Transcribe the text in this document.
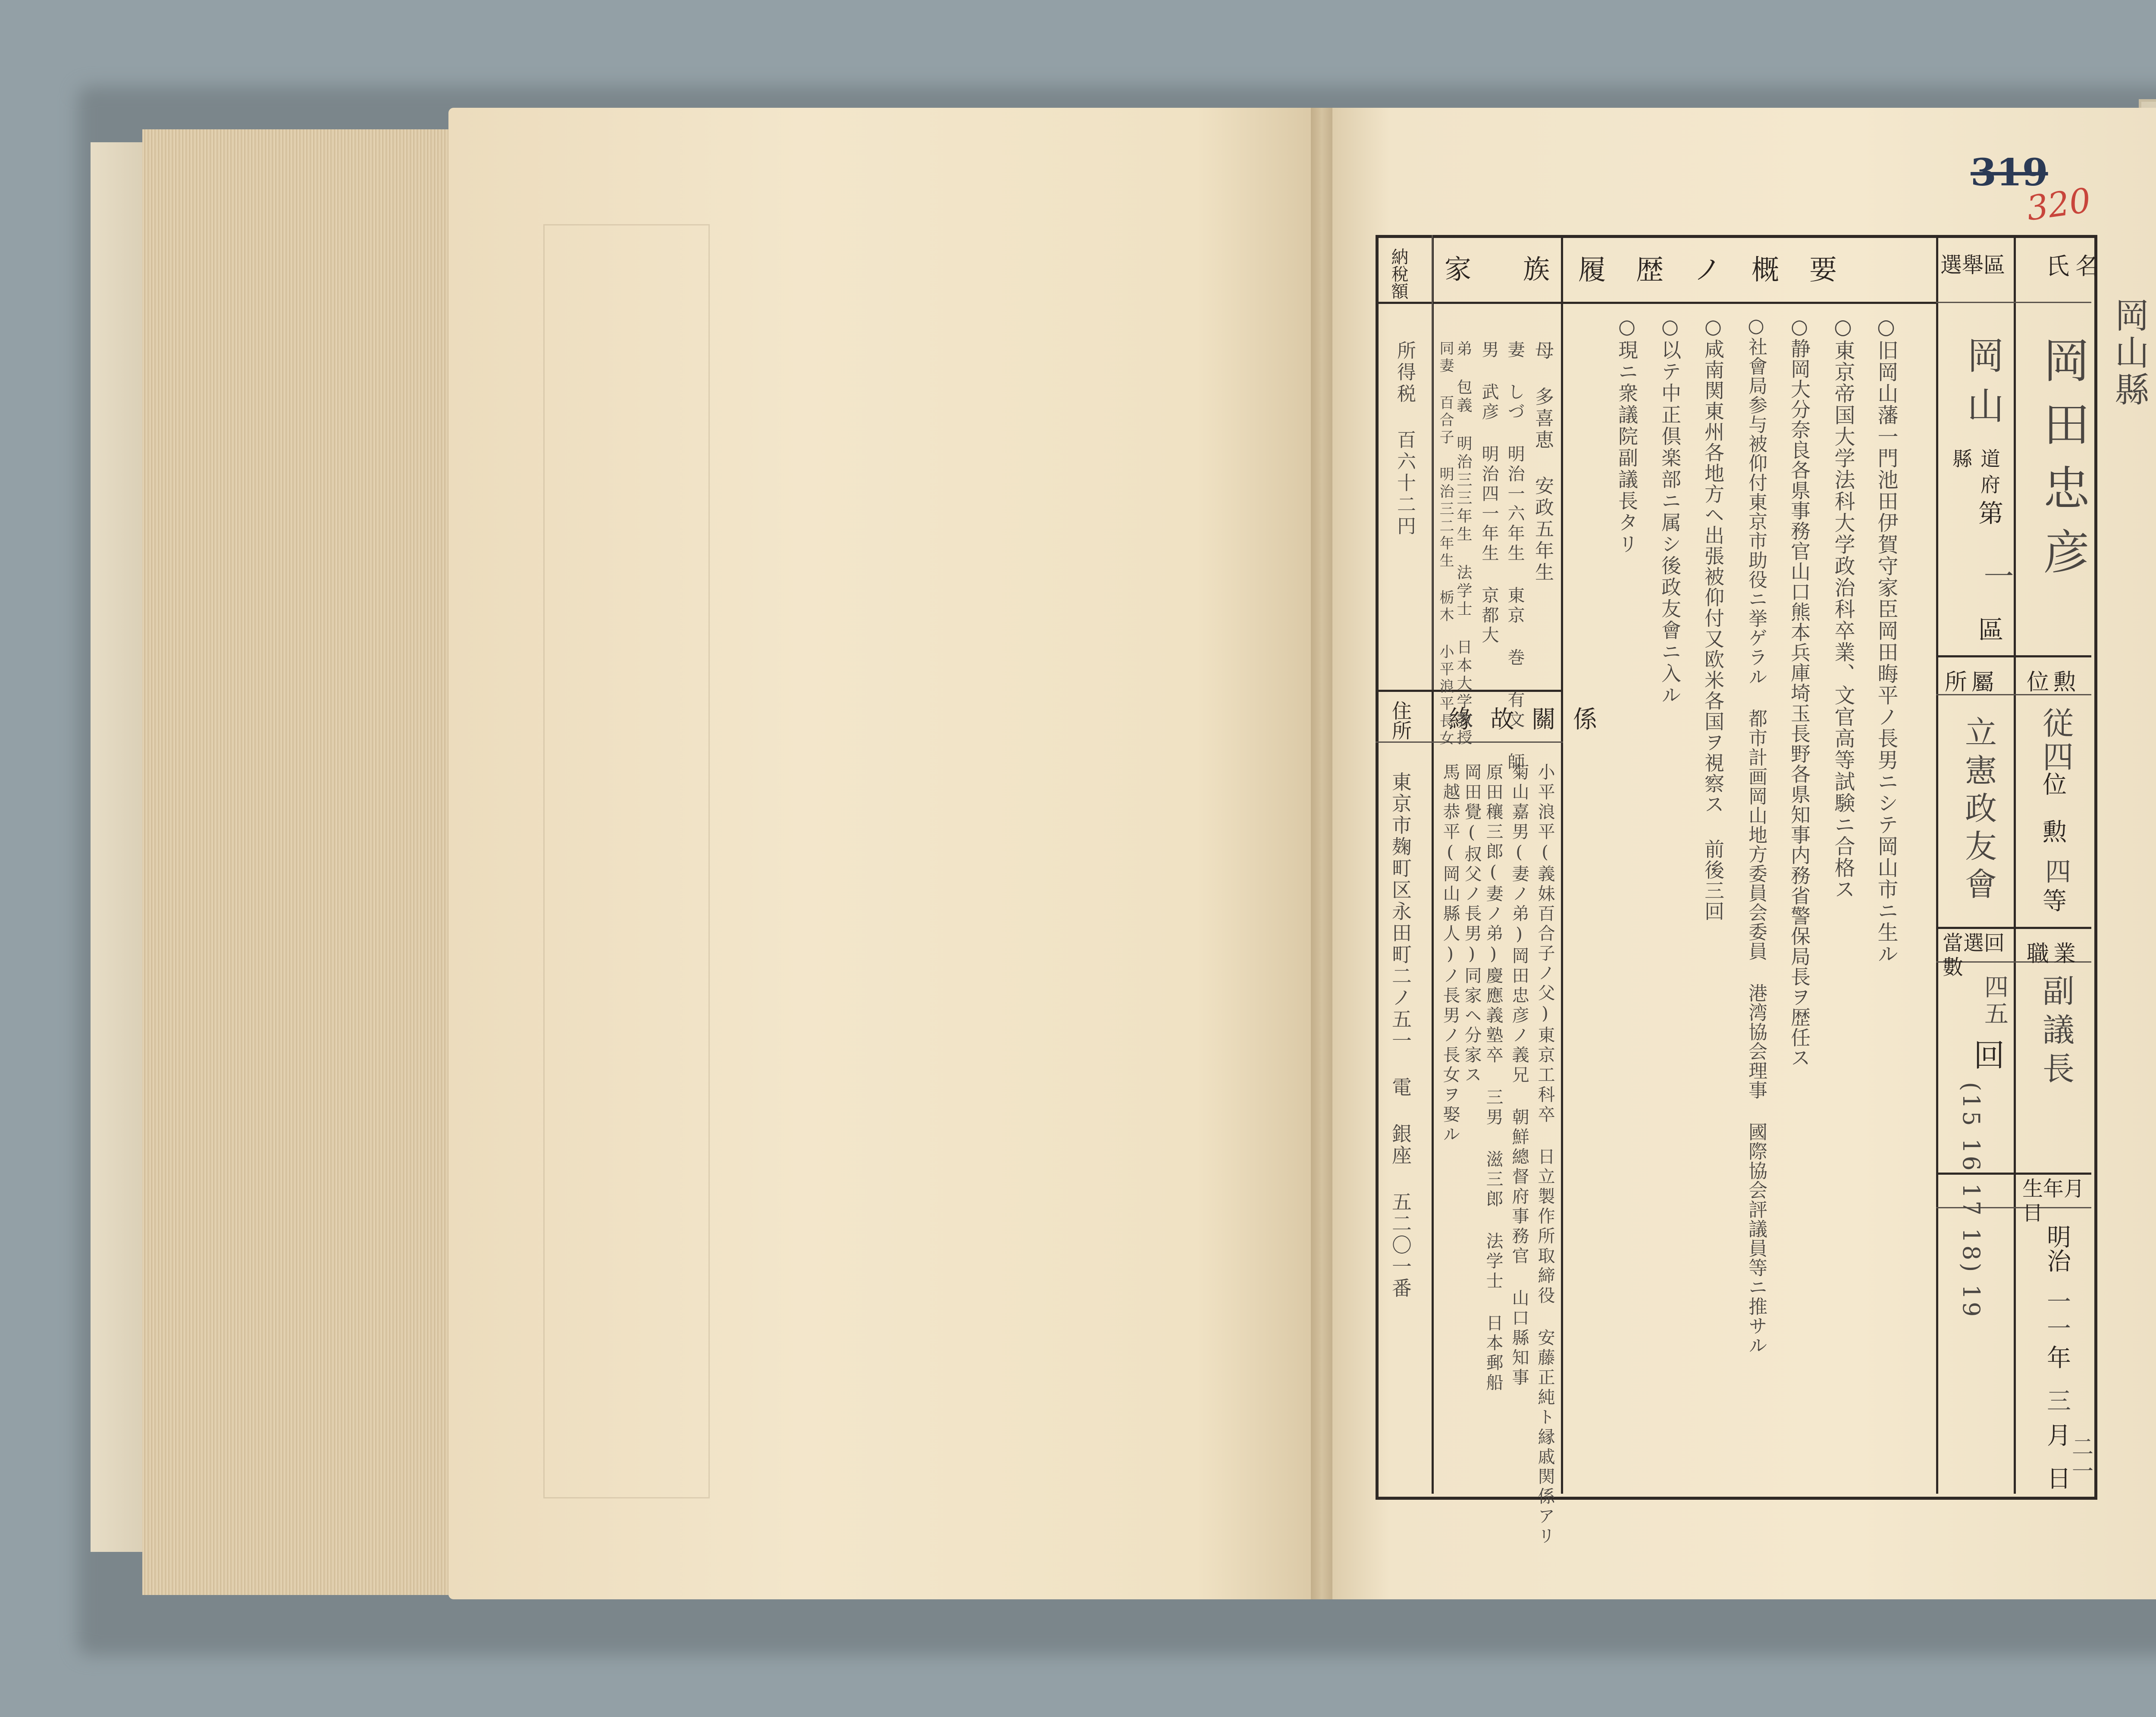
319
320
岡山縣
氏名
選舉區
履歴ノ概要
家族
納稅額
緣故關係
住所
位勲
所屬
職業
當選回數
生年月日
道
府
縣
第
區
位
勲
等
回
明治
年
月
日
岡田忠彦
岡山
一
従四
四
立憲政友會
副議長
四五
(15 16 17 18) 19 一一
三
二一
所得税 百六十二円
東京市麹町区永田町二ノ五一 電 銀座 五二〇一番
○旧岡山藩一門池田伊賀守家臣岡田晦平ノ長男ニシテ岡山市ニ生ル
○東京帝国大学法科大学政治科卒業、文官高等試験ニ合格ス
○静岡大分奈良各県事務官山口熊本兵庫埼玉長野各県知事内務省警保局長ヲ歴任ス
○社會局参与被仰付東京市助役ニ挙ゲラル 都市計画岡山地方委員会委員 港湾協会理事 國際協会評議員等ニ推サル
○咸南関東州各地方ヘ出張被仰付又欧米各国ヲ視察ス 前後三回
○以テ中正倶楽部ニ属シ後政友會ニ入ル
○現ニ衆議院副議長タリ
母 多喜恵 安政五年生
妻 しづ 明治一六年生 東京 巻 有文 師
男 武彦 明治四一年生 京都大
弟 包義 明治三三年生 法学士 日本大学教授
同妻 百合子 明治三二年生 栃木 小平浪平長女
小平浪平(義妹百合子ノ父)東京工科卒 日立製作所取締役 安藤正純ト縁戚関係アリ
菊山嘉男(妻ノ弟)岡田忠彦ノ義兄 朝鮮總督府事務官 山口縣知事
原田穰三郎(妻ノ弟)慶應義塾卒 三男 滋三郎 法学士 日本郵船
岡田覺(叔父ノ長男)同家ヘ分家ス
馬越恭平(岡山縣人)ノ長男ノ長女ヲ娶ル
